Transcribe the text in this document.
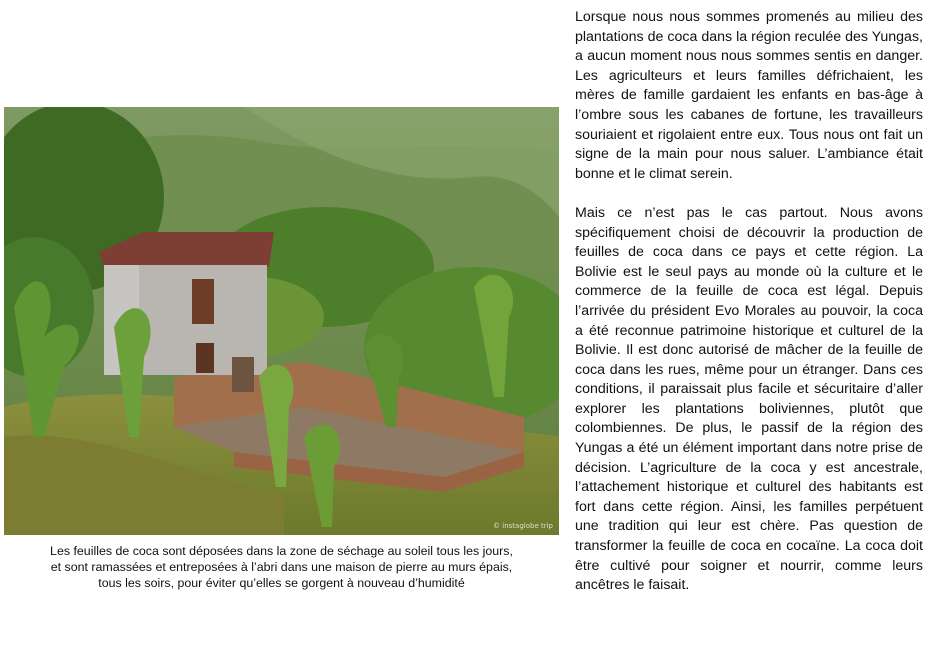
© instaglobe trip
Les feuilles de coca sont déposées dans la zone de séchage au soleil tous les jours,
et sont ramassées et entreposées à l’abri dans une maison de pierre au murs épais,
tous les soirs, pour éviter qu’elles se gorgent à nouveau d’humidité

Lorsque nous nous sommes promenés au milieu des plantations de coca dans la région reculée des Yungas, a aucun moment nous nous sommes sentis en danger. Les agriculteurs et leurs familles défrichaient, les mères de famille gardaient les enfants en bas-âge à l’ombre sous les cabanes de fortune, les travailleurs souriaient et rigolaient entre eux. Tous nous ont fait un signe de la main pour nous saluer. L’ambiance était bonne et le climat serein.

Mais ce n’est pas le cas partout. Nous avons spécifiquement choisi de découvrir la production de feuilles de coca dans ce pays et cette région. La Bolivie est le seul pays au monde où la culture et le commerce de la feuille de coca est légal. Depuis l’arrivée du président Evo Morales au pouvoir, la coca a été reconnue patrimoine historique et culturel de la Bolivie. Il est donc autorisé de mâcher de la feuille de coca dans les rues, même pour un étranger. Dans ces conditions, il paraissait plus facile et sécuritaire d’aller explorer les plantations boliviennes, plutôt que colombiennes. De plus, le passif de la région des Yungas a été un élément important dans notre prise de décision. L’agriculture de la coca y est ancestrale, l’attachement historique et culturel des habitants est fort dans cette région. Ainsi, les familles perpétuent une tradition qui leur est chère. Pas question de transformer la feuille de coca en cocaïne. La coca doit être cultivé pour soigner et nourrir, comme leurs ancêtres le faisait.
